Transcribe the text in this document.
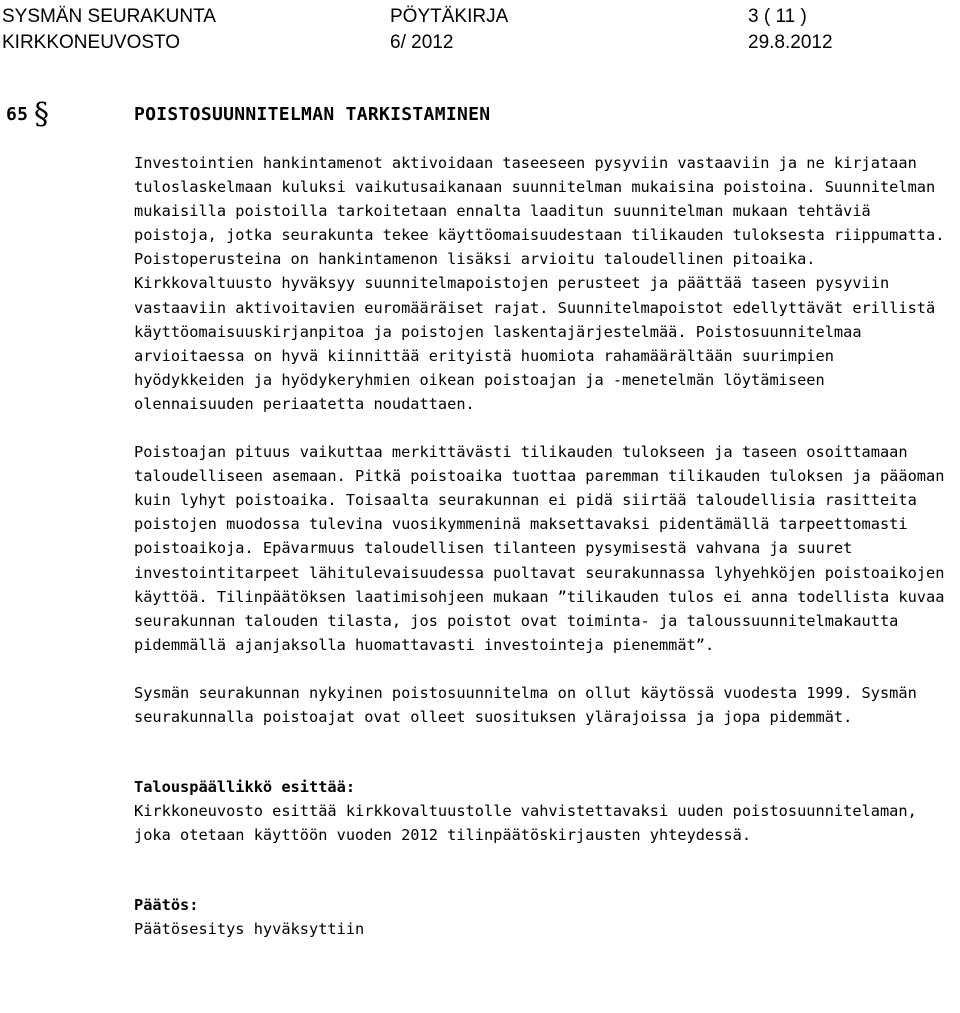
SYSMÄN SEURAKUNTA	PÖYTÄKIRJA	3 ( 11 )
KIRKKONEUVOSTO	6/ 2012	29.8.2012
65 §	POISTOSUUNNITELMAN TARKISTAMINEN

Investointien hankintamenot aktivoidaan taseeseen pysyviin vastaaviin ja ne kirjataan tuloslaskelmaan kuluksi vaikutusaikanaan suunnitelman mukaisina poistoina. Suunnitelman mukaisilla poistoilla tarkoitetaan ennalta laaditun suunnitelman mukaan tehtäviä poistoja, jotka seurakunta tekee käyttöomaisuudestaan tilikauden tuloksesta riippumatta. Poistoperusteina on hankintamenon lisäksi arvioitu taloudellinen pitoaika. Kirkkovaltuusto hyväksyy suunnitelmapoistojen perusteet ja päättää taseen pysyviin vastaaviin aktivoitavien euromääräiset rajat. Suunnitelmapoistot edellyttävät erillistä käyttöomaisuuskirjanpitoa ja poistojen laskentajärjestelmää. Poistosuunnitelmaa arvioitaessa on hyvä kiinnittää erityistä huomiota rahamäärältään suurimpien hyödykkeiden ja hyödykeryhmien oikean poistoajan ja -menetelmän löytämiseen olennaisuuden periaatetta noudattaen.

Poistoajan pituus vaikuttaa merkittävästi tilikauden tulokseen ja taseen osoittamaan taloudelliseen asemaan. Pitkä poistoaika tuottaa paremman tilikauden tuloksen ja pääoman kuin lyhyt poistoaika. Toisaalta seurakunnan ei pidä siirtää taloudellisia rasitteita poistojen muodossa tulevina vuosikymmeninä maksettavaksi pidentämällä tarpeettomasti poistoaikoja. Epävarmuus taloudellisen tilanteen pysymisestä vahvana ja suuret investointitarpeet lähitulevaisuudessa puoltavat seurakunnassa lyhyehköjen poistoaikojen käyttöä. Tilinpäätöksen laatimisohjeen mukaan ”tilikauden tulos ei anna todellista kuvaa seurakunnan talouden tilasta, jos poistot ovat toiminta- ja taloussuunnitelmakautta pidemmällä ajanjaksolla huomattavasti investointeja pienemmät”.

Sysmän seurakunnan nykyinen poistosuunnitelma on ollut käytössä vuodesta 1999. Sysmän seurakunnalla poistoajat ovat olleet suosituksen ylärajoissa ja jopa pidemmät.

Talouspäällikkö esittää:

Kirkkoneuvosto esittää kirkkovaltuustolle vahvistettavaksi uuden poistosuunnitelaman, joka otetaan käyttöön vuoden 2012 tilinpäätöskirjausten yhteydessä.

Päätös:

Päätösesitys hyväksyttiin
